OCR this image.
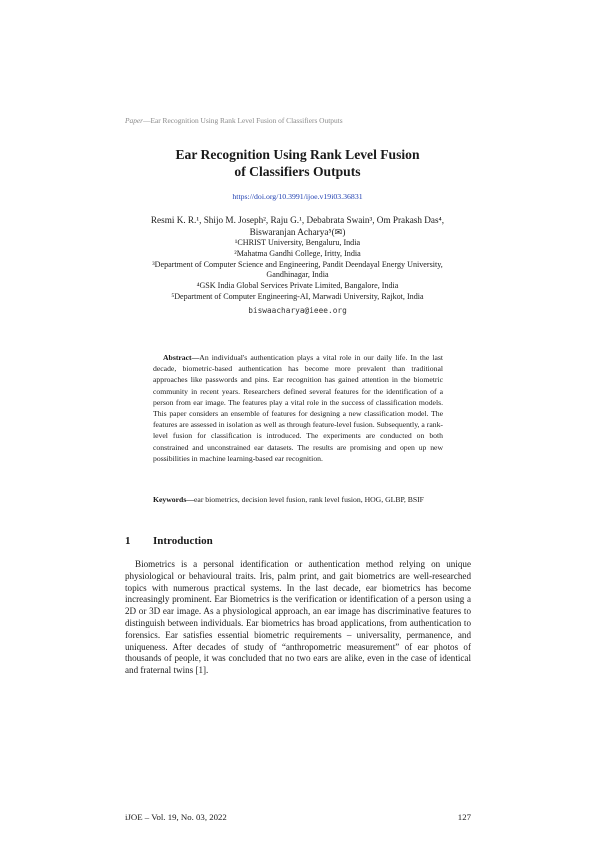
Paper—Ear Recognition Using Rank Level Fusion of Classifiers Outputs
Ear Recognition Using Rank Level Fusion
of Classifiers Outputs
https://doi.org/10.3991/ijoe.v19i03.36831
Resmi K. R.¹, Shijo M. Joseph², Raju G.¹, Debabrata Swain³, Om Prakash Das⁴,
Biswaranjan Acharya⁵(✉)
¹CHRIST University, Bengaluru, India
²Mahatma Gandhi College, Iritty, India
³Department of Computer Science and Engineering, Pandit Deendayal Energy University,
Gandhinagar, India
⁴GSK India Global Services Private Limited, Bangalore, India
⁵Department of Computer Engineering-AI, Marwadi University, Rajkot, India
biswaacharya@ieee.org
Abstract—An individual's authentication plays a vital role in our daily life. In the last decade, biometric-based authentication has become more prevalent than traditional approaches like passwords and pins. Ear recognition has gained attention in the biometric community in recent years. Researchers defined several features for the identification of a person from ear image. The features play a vital role in the success of classification models. This paper considers an ensemble of features for designing a new classification model. The features are assessed in isolation as well as through feature-level fusion. Subsequently, a rank-level fusion for classification is introduced. The experiments are conducted on both constrained and unconstrained ear datasets. The results are promising and open up new possibilities in machine learning-based ear recognition.
Keywords—ear biometrics, decision level fusion, rank level fusion, HOG, GLBP, BSIF
1 Introduction
Biometrics is a personal identification or authentication method relying on unique physiological or behavioural traits. Iris, palm print, and gait biometrics are well-researched topics with numerous practical systems. In the last decade, ear biometrics has become increasingly prominent. Ear Biometrics is the verification or identification of a person using a 2D or 3D ear image. As a physiological approach, an ear image has discriminative features to distinguish between individuals. Ear biometrics has broad applications, from authentication to forensics. Ear satisfies essential biometric requirements – universality, permanence, and uniqueness. After decades of study of “anthropometric measurement” of ear photos of thousands of people, it was concluded that no two ears are alike, even in the case of identical and fraternal twins [1].
iJOE ‒ Vol. 19, No. 03, 2022	127
